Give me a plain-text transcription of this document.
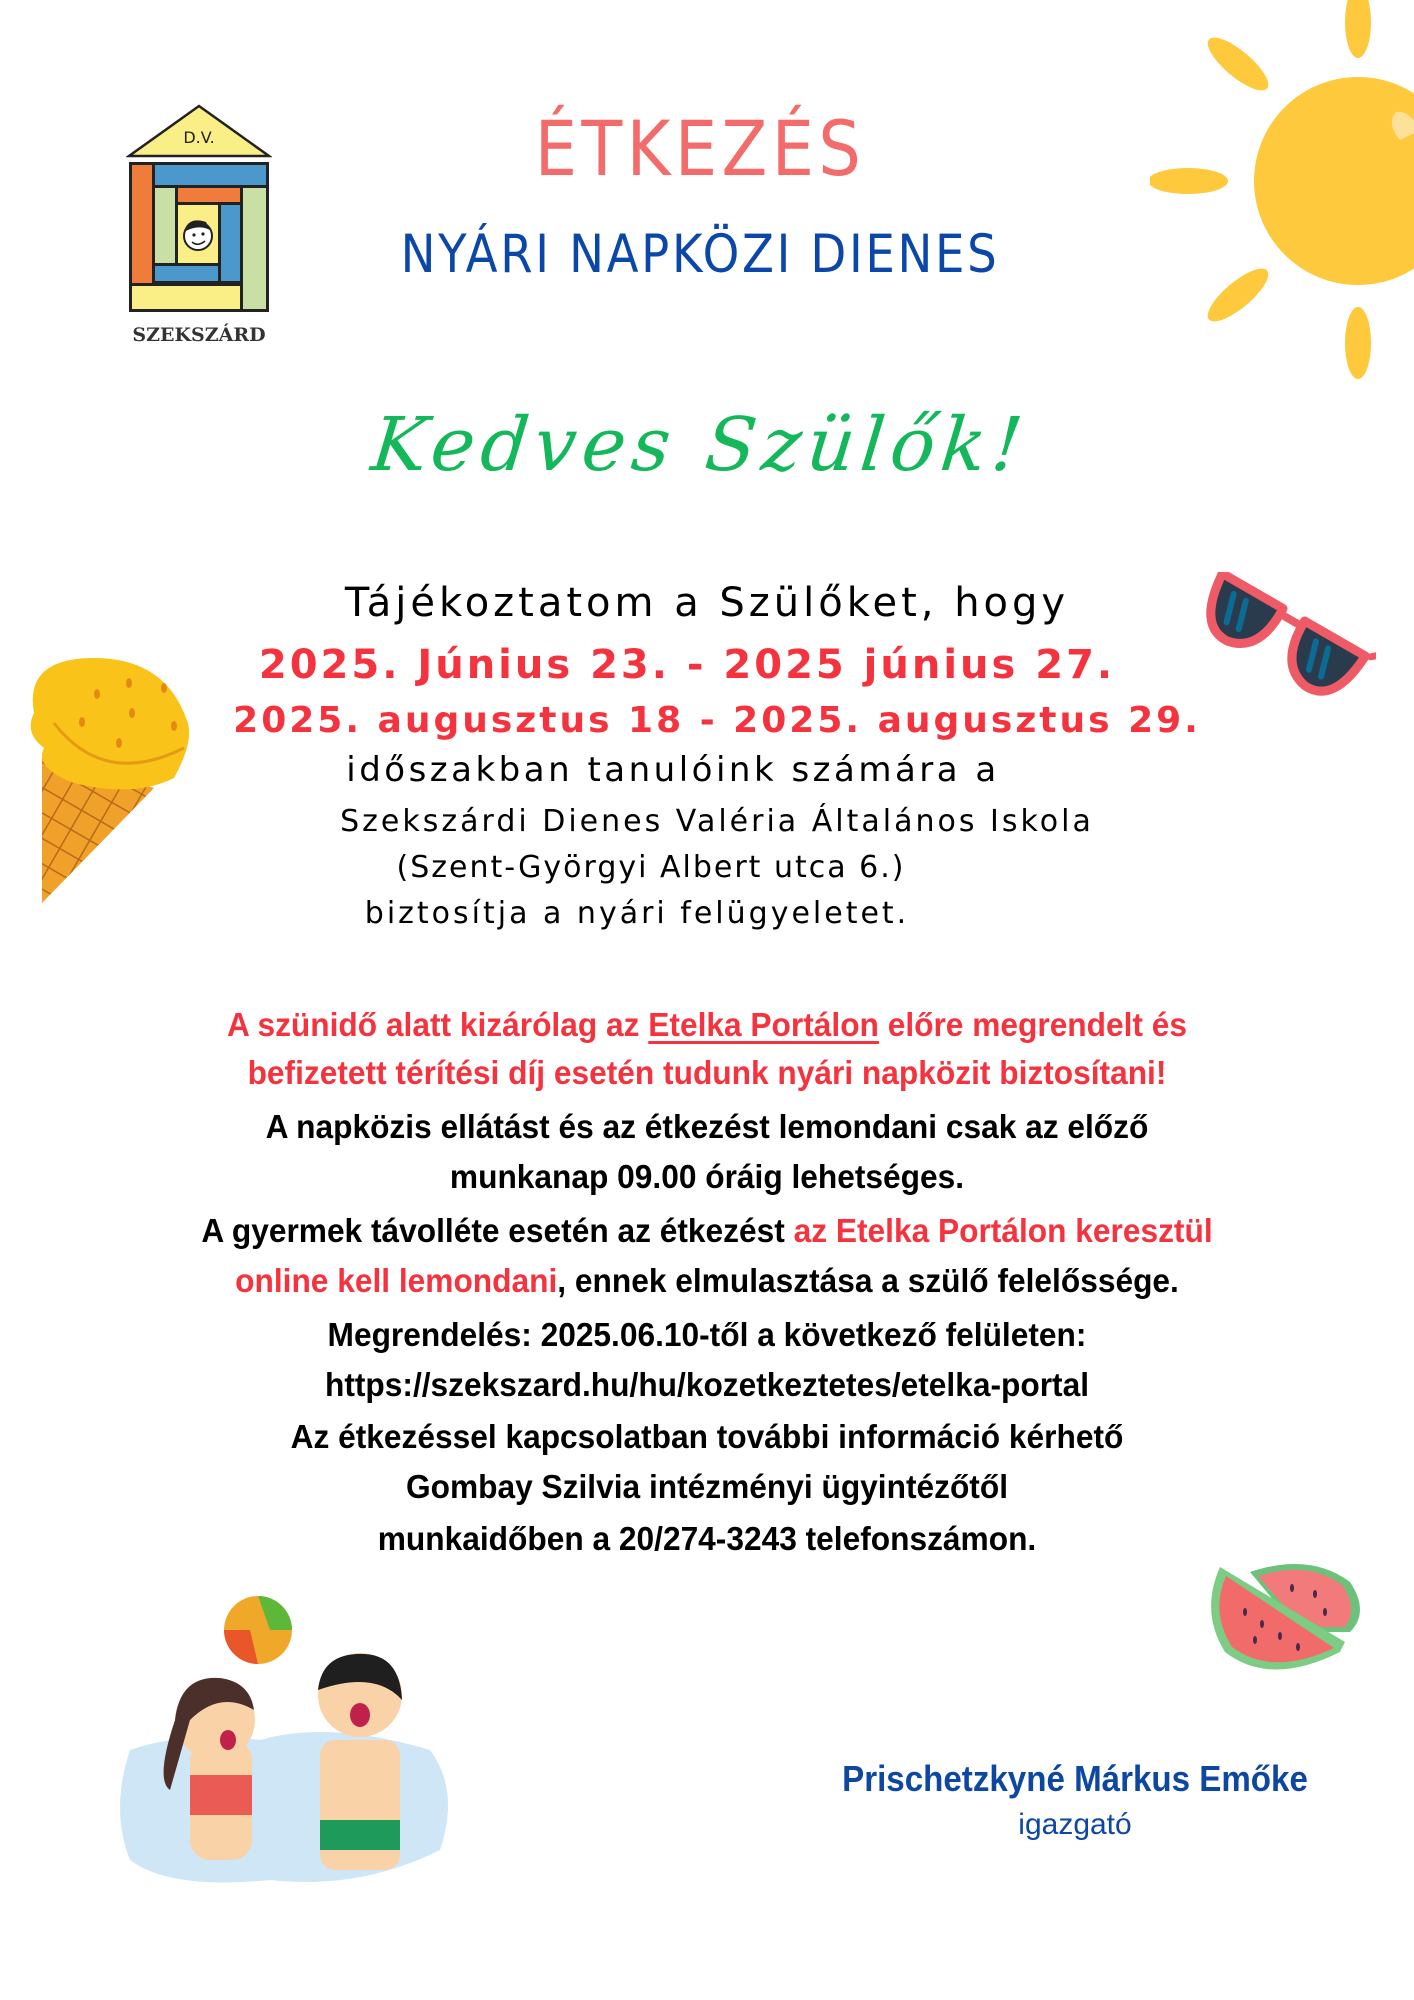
D.V.
SZEKSZÁRD
ÉTKEZÉS
NYÁRI NAPKÖZI DIENES
Kedves Szülők!
Tájékoztatom a Szülőket, hogy
2025. Június 23. - 2025 június 27.
2025. augusztus 18 - 2025. augusztus 29.
időszakban tanulóink számára a
Szekszárdi Dienes Valéria Általános Iskola
(Szent-Györgyi Albert utca 6.)
biztosítja a nyári felügyeletet.
A szünidő alatt kizárólag az Etelka Portálon előre megrendelt és
befizetett térítési díj esetén tudunk nyári napközit biztosítani!
A napközis ellátást és az étkezést lemondani csak az előző
munkanap 09.00 óráig lehetséges.
A gyermek távolléte esetén az étkezést az Etelka Portálon keresztül
online kell lemondani, ennek elmulasztása a szülő felelőssége.
Megrendelés: 2025.06.10-től a következő felületen:
https://szekszard.hu/hu/kozetkeztetes/etelka-portal
Az étkezéssel kapcsolatban további információ kérhető
Gombay Szilvia intézményi ügyintézőtől
munkaidőben a 20/274-3243 telefonszámon.
Prischetzkyné Márkus Emőke
igazgató
